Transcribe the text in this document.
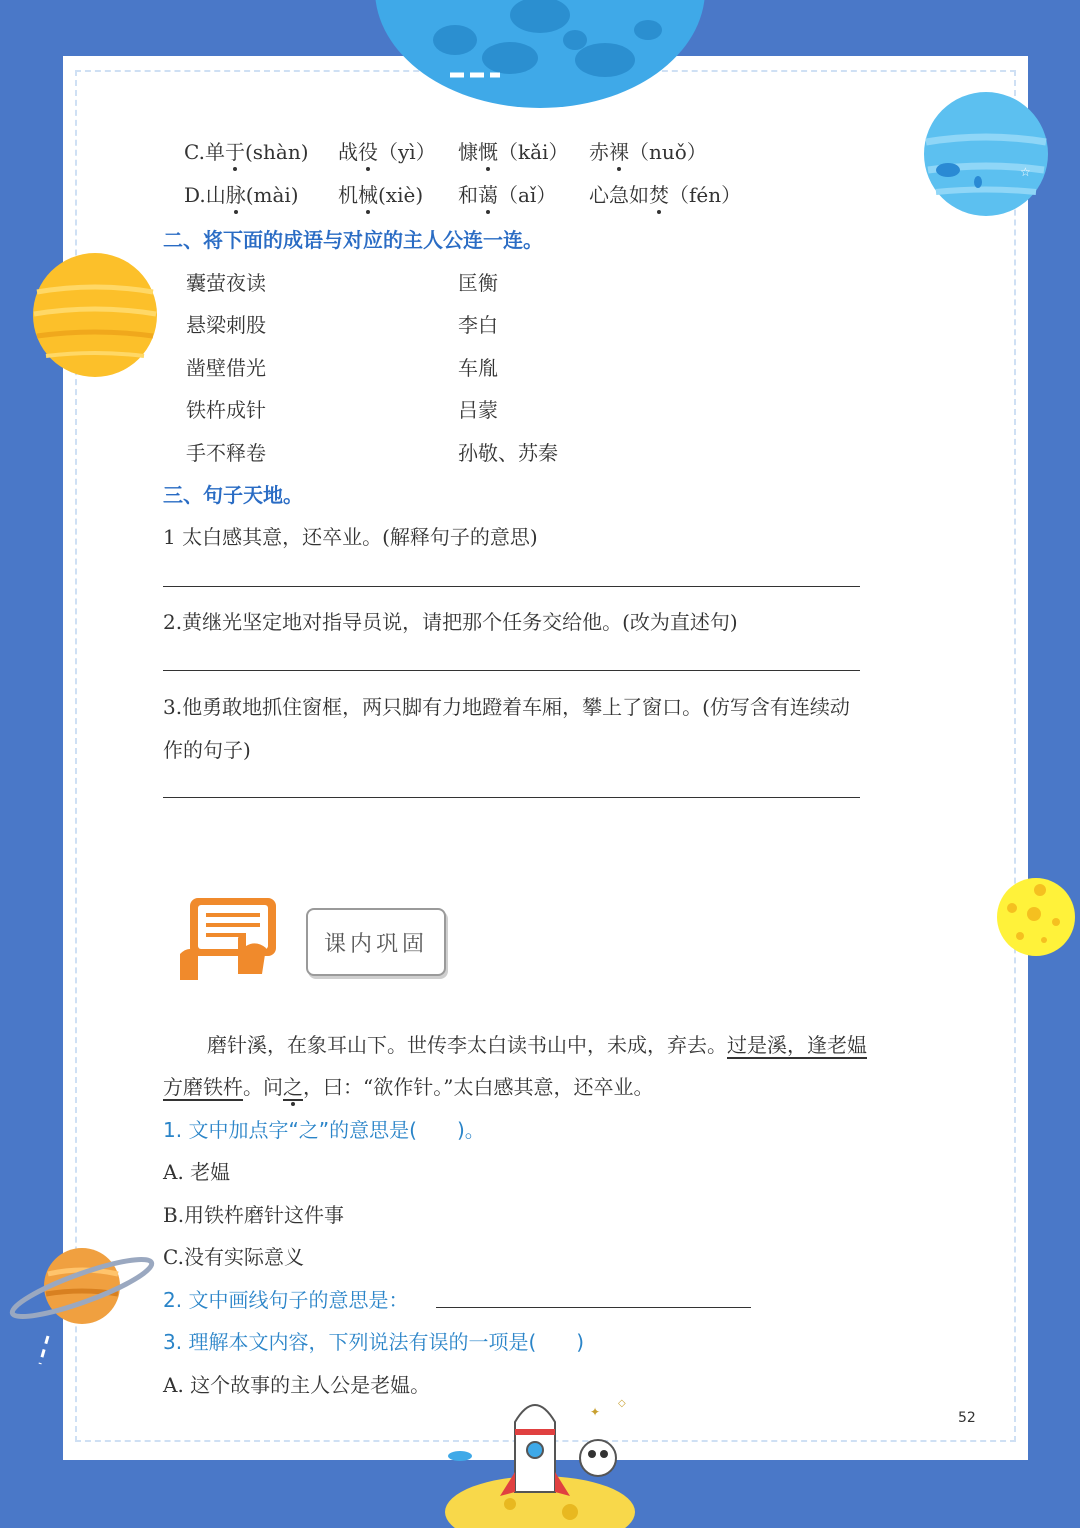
☆
✦
◇
C.单于(shàn) 战役（yì） 慷慨（kǎi） 赤裸（nuǒ）
D.山脉(mài) 机械(xiè) 和蔼（aǐ） 心急如焚（fén）
二、将下面的成语与对应的主人公连一连。
囊萤夜读
悬梁刺股
凿壁借光
铁杵成针
手不释卷
匡衡
李白
车胤
吕蒙
孙敬、苏秦
三、句子天地。
1 太白感其意，还卒业。(解释句子的意思)
2.黄继光坚定地对指导员说，请把那个任务交给他。(改为直述句)
3.他勇敢地抓住窗框，两只脚有力地蹬着车厢，攀上了窗口。(仿写含有连续动
作的句子)
课内巩固
磨针溪，在象耳山下。世传李太白读书山中，未成，弃去。过是溪，逢老媪
方磨铁杵。问之，曰：“欲作针。”太白感其意，还卒业。
1. 文中加点字“之”的意思是(　　)。
A. 老媪
B.用铁杵磨针这件事
C.没有实际意义
2. 文中画线句子的意思是：
3. 理解本文内容，下列说法有误的一项是(　　)
A. 这个故事的主人公是老媪。
52
